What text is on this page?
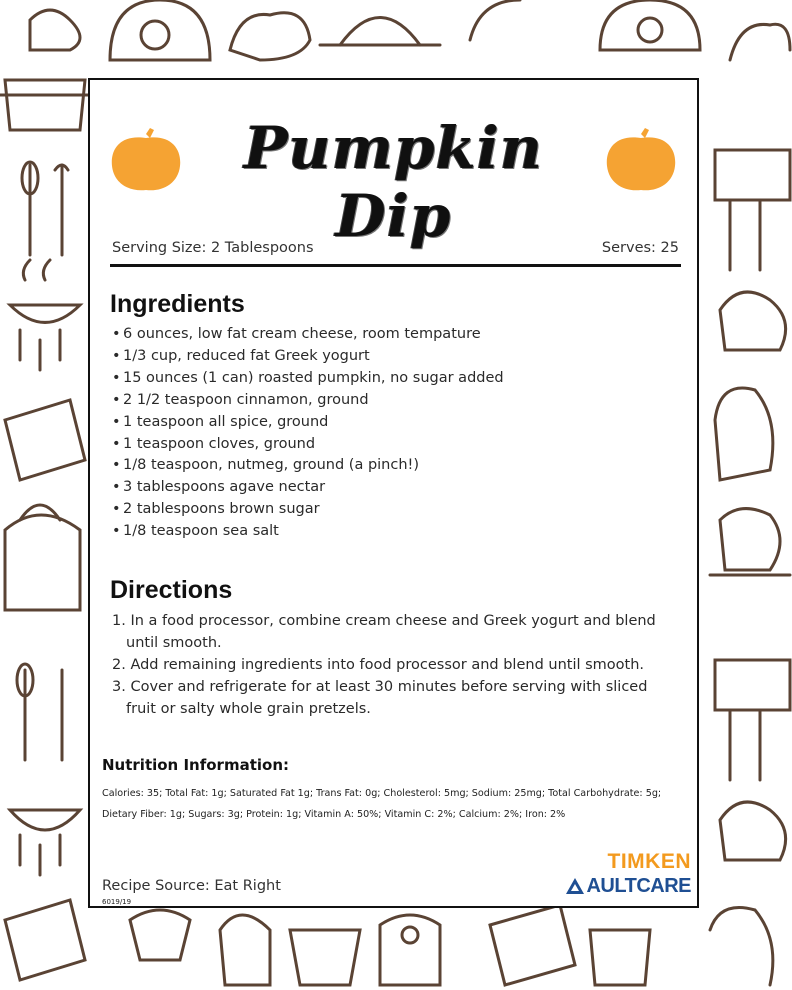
Pumpkin Dip
Serving Size: 2 Tablespoons	Serves: 25
Ingredients
• 6 ounces, low fat cream cheese, room tempature
• 1/3 cup, reduced fat Greek yogurt
• 15 ounces (1 can) roasted pumpkin, no sugar added
• 2 1/2 teaspoon cinnamon, ground
• 1 teaspoon all spice, ground
• 1 teaspoon cloves, ground
• 1/8 teaspoon, nutmeg, ground (a pinch!)
• 3 tablespoons agave nectar
• 2 tablespoons brown sugar
• 1/8 teaspoon sea salt
Directions
1. In a food processor, combine cream cheese and Greek yogurt and blend until smooth.
2. Add remaining ingredients into food processor and blend until smooth.
3. Cover and refrigerate for at least 30 minutes before serving with sliced fruit or salty whole grain pretzels.
Nutrition Information:
Calories: 35; Total Fat: 1g; Saturated Fat 1g; Trans Fat: 0g; Cholesterol: 5mg; Sodium: 25mg; Total Carbohydrate: 5g; Dietary Fiber: 1g; Sugars: 3g; Protein: 1g; Vitamin A: 50%; Vitamin C: 2%; Calcium: 2%; Iron: 2%
Recipe Source: Eat Right
6019/19
TIMKEN
AULTCARE
